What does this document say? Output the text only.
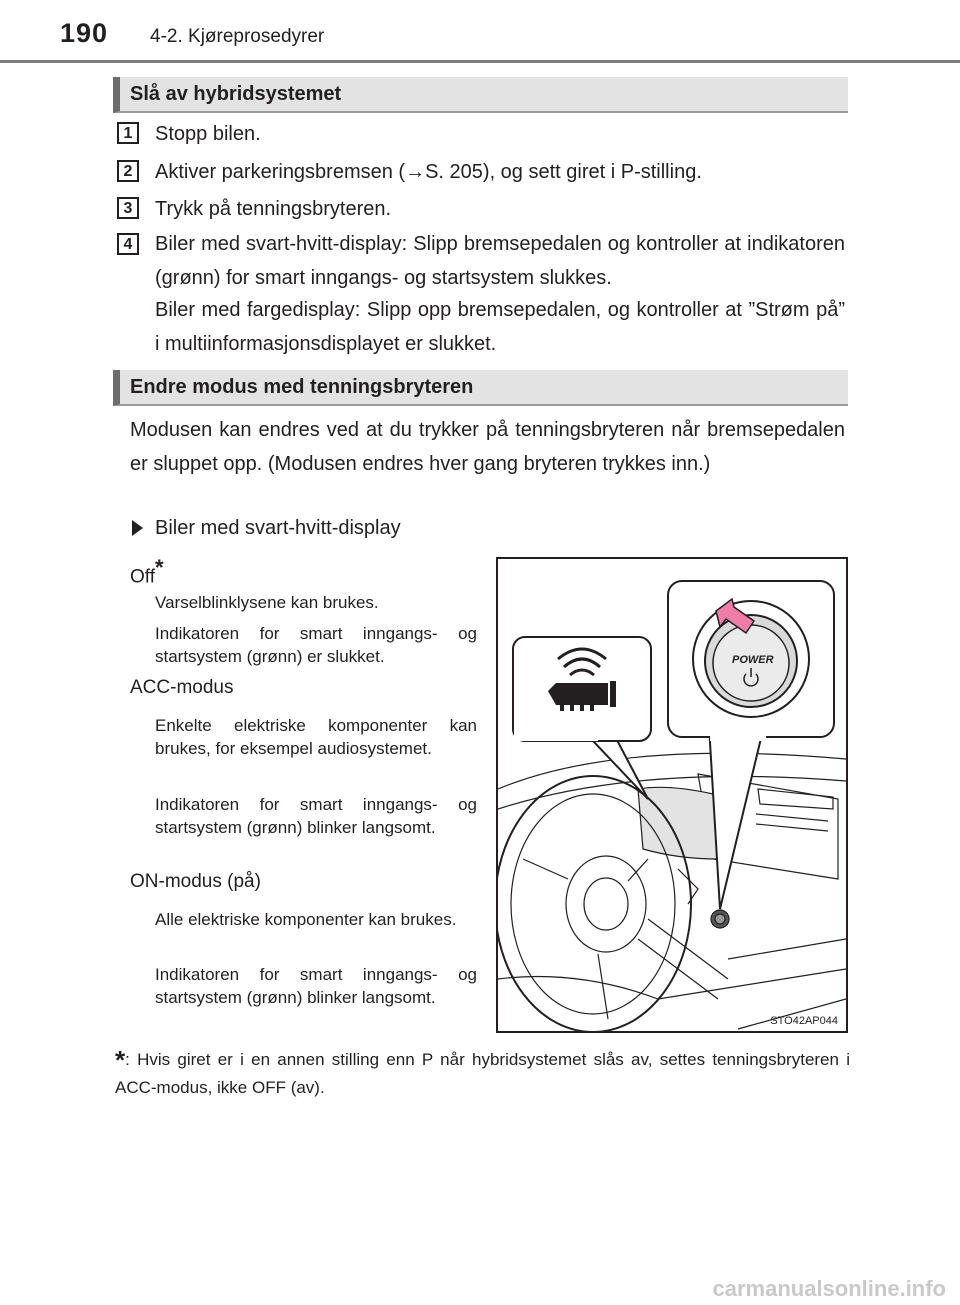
190 4-2. Kjøreprosedyrer
Slå av hybridsystemet
1	Stopp bilen.
2	Aktiver parkeringsbremsen (→S. 205), og sett giret i P-stilling.
3	Trykk på tenningsbryteren.
4	Biler med svart-hvitt-display: Slipp bremsepedalen og kontroller at indikatoren (grønn) for smart inngangs- og startsystem slukkes.
Biler med fargedisplay: Slipp opp bremsepedalen, og kontroller at ”Strøm på” i multiinformasjonsdisplayet er slukket.
Endre modus med tenningsbryteren
Modusen kan endres ved at du trykker på tenningsbryteren når bremsepedalen er sluppet opp. (Modusen endres hver gang bryteren trykkes inn.)
Biler med svart-hvitt-display
Off*
Varselblinklysene kan brukes.
Indikatoren for smart inngangs- og startsystem (grønn) er slukket.
ACC-modus
Enkelte elektriske komponenter kan brukes, for eksempel audiosystemet.
Indikatoren for smart inngangs- og startsystem (grønn) blinker langsomt.
ON-modus (på)
Alle elektriske komponenter kan brukes.
Indikatoren for smart inngangs- og startsystem (grønn) blinker langsomt.
POWER
STO42AP044
*: Hvis giret er i en annen stilling enn P når hybridsystemet slås av, settes tenningsbryteren i ACC-modus, ikke OFF (av).
carmanualsonline.info
